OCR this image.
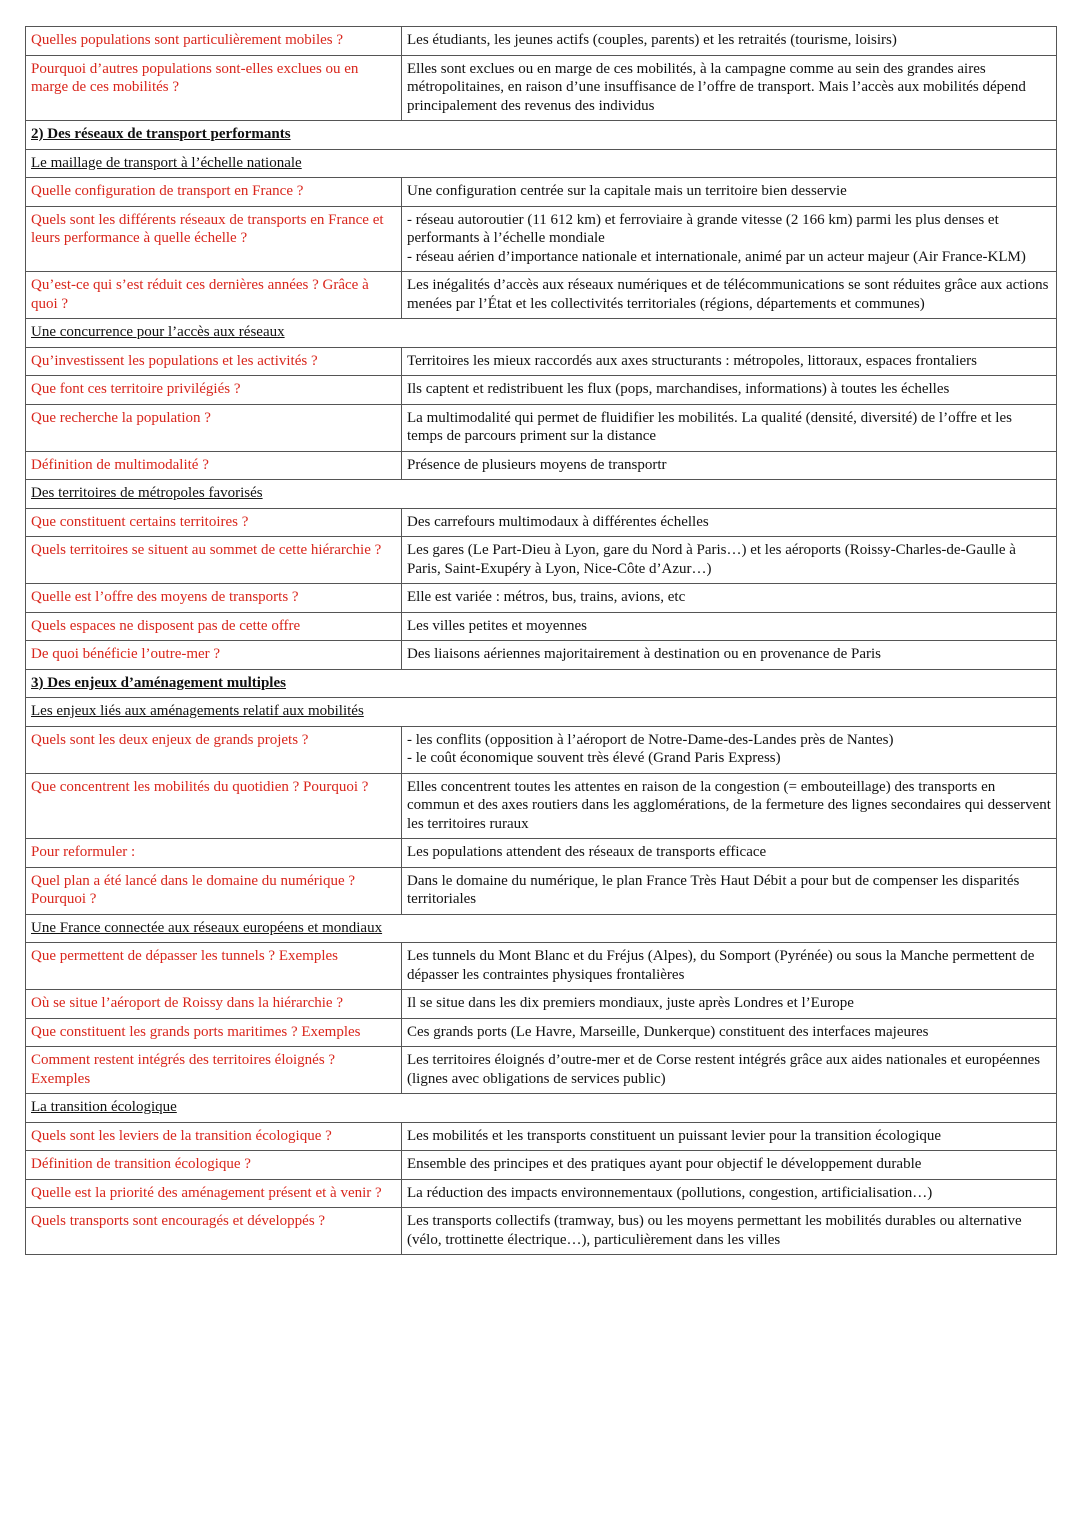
Quelles populations sont particulièrement mobiles ?	Les étudiants, les jeunes actifs (couples, parents) et les retraités (tourisme, loisirs)

Pourquoi d’autres populations sont-elles exclues ou en marge de ces mobilités ?	Elles sont exclues ou en marge de ces mobilités, à la campagne comme au sein des grandes aires métropolitaines, en raison d’une insuffisance de l’offre de transport. Mais l’accès aux mobilités dépend principalement des revenus des individus

2) Des réseaux de transport performants	
Le maillage de transport à l’échelle nationale	
Quelle configuration de transport en France ?	Une configuration centrée sur la capitale mais un territoire bien desservie

Quels sont les différents réseaux de transports en France et leurs performance à quelle échelle ?	- réseau autoroutier (11 612 km) et ferroviaire à grande vitesse (2 166 km) parmi les plus denses et performants à l’échelle mondiale
- réseau aérien d’importance nationale et internationale, animé par un acteur majeur (Air France-KLM)

Qu’est-ce qui s’est réduit ces dernières années ? Grâce à quoi ?	Les inégalités d’accès aux réseaux numériques et de télécommunications se sont réduites grâce aux actions menées par l’État et les collectivités territoriales (régions, départements et communes)

Une concurrence pour l’accès aux réseaux	
Qu’investissent les populations et les activités ?	Territoires les mieux raccordés aux axes structurants : métropoles, littoraux, espaces frontaliers

Que font ces territoire privilégiés ?	Ils captent et redistribuent les flux (pops, marchandises, informations) à toutes les échelles

Que recherche la population ?	La multimodalité qui permet de fluidifier les mobilités. La qualité (densité, diversité) de l’offre et les temps de parcours priment sur la distance

Définition de multimodalité ?	Présence de plusieurs moyens de transportr

Des territoires de métropoles favorisés	
Que constituent certains territoires ?	Des carrefours multimodaux à différentes échelles

Quels territoires se situent au sommet de cette hiérarchie ?	Les gares (Le Part-Dieu à Lyon, gare du Nord à Paris…) et les aéroports (Roissy-Charles-de-Gaulle à Paris, Saint-Exupéry à Lyon, Nice-Côte d’Azur…)

Quelle est l’offre des moyens de transports ?	Elle est variée : métros, bus, trains, avions, etc

Quels espaces ne disposent pas de cette offre	Les villes petites et moyennes

De quoi bénéficie l’outre-mer ?	Des liaisons aériennes majoritairement à destination ou en provenance de Paris

3) Des enjeux d’aménagement multiples	
Les enjeux liés aux aménagements relatif aux mobilités	
Quels sont les deux enjeux de grands projets ?	- les conflits (opposition à l’aéroport de Notre-Dame-des-Landes près de Nantes)
- le coût économique souvent très élevé (Grand Paris Express)

Que concentrent les mobilités du quotidien ? Pourquoi ?	Elles concentrent toutes les attentes en raison de la congestion (= embouteillage) des transports en commun et des axes routiers dans les agglomérations, de la fermeture des lignes secondaires qui desservent les territoires ruraux

Pour reformuler :	Les populations attendent des réseaux de transports efficace

Quel plan a été lancé dans le domaine du numérique ? Pourquoi ?	Dans le domaine du numérique, le plan France Très Haut Débit a pour but de compenser les disparités territoriales

Une France connectée aux réseaux européens et mondiaux	
Que permettent de dépasser les tunnels ? Exemples	Les tunnels du Mont Blanc et du Fréjus (Alpes), du Somport (Pyrénée) ou sous la Manche permettent de dépasser les contraintes physiques frontalières

Où se situe l’aéroport de Roissy dans la hiérarchie ?	Il se situe dans les dix premiers mondiaux, juste après Londres et l’Europe

Que constituent les grands ports maritimes ? Exemples	Ces grands ports (Le Havre, Marseille, Dunkerque) constituent des interfaces majeures

Comment restent intégrés des territoires éloignés ? Exemples	Les territoires éloignés d’outre-mer et de Corse restent intégrés grâce aux aides nationales et européennes (lignes avec obligations de services public)

La transition écologique	
Quels sont les leviers de la transition écologique ?	Les mobilités et les transports constituent un puissant levier pour la transition écologique

Définition de transition écologique ?	Ensemble des principes et des pratiques ayant pour objectif le développement durable

Quelle est la priorité des aménagement présent et à venir ?	La réduction des impacts environnementaux (pollutions, congestion, artificialisation…)

Quels transports sont encouragés et développés ?	Les transports collectifs (tramway, bus) ou les moyens permettant les mobilités durables ou alternative (vélo, trottinette électrique…), particulièrement dans les villes
